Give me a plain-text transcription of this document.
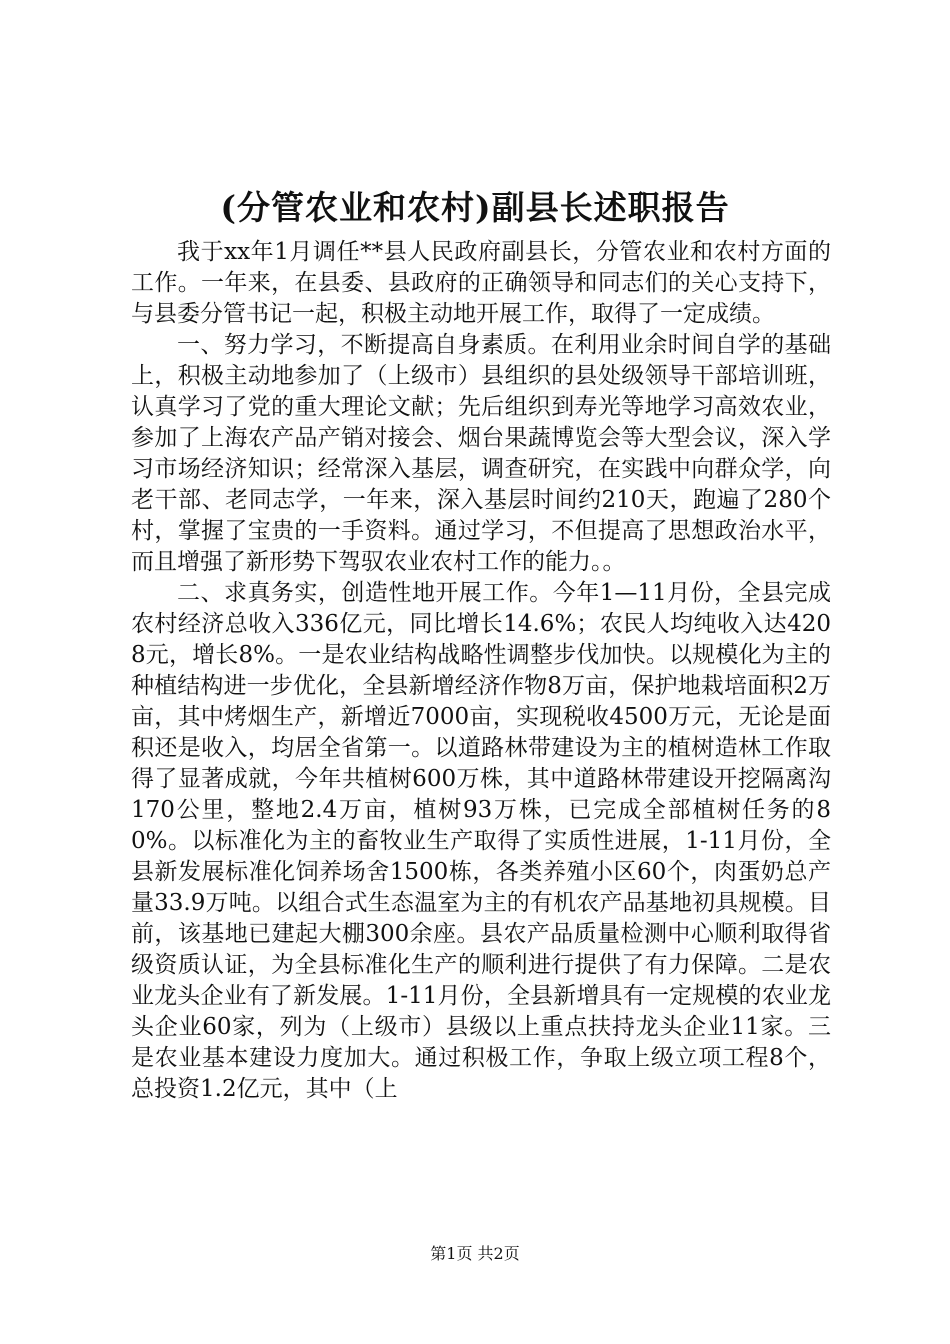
(分管农业和农村)副县长述职报告

我于xx年1月调任**县人民政府副县长，分管农业和农村方面的工作。一年来，在县委、县政府的正确领导和同志们的关心支持下，与县委分管书记一起，积极主动地开展工作，取得了一定成绩。

一、努力学习，不断提高自身素质。在利用业余时间自学的基础上，积极主动地参加了（上级市）县组织的县处级领导干部培训班，认真学习了党的重大理论文献；先后组织到寿光等地学习高效农业，参加了上海农产品产销对接会、烟台果蔬博览会等大型会议，深入学习市场经济知识；经常深入基层，调查研究，在实践中向群众学，向老干部、老同志学，一年来，深入基层时间约210天，跑遍了280个村，掌握了宝贵的一手资料。通过学习，不但提高了思想政治水平，而且增强了新形势下驾驭农业农村工作的能力。。

二、求真务实，创造性地开展工作。今年1—11月份，全县完成农村经济总收入336亿元，同比增长14.6%；农民人均纯收入达4208元，增长8%。一是农业结构战略性调整步伐加快。以规模化为主的种植结构进一步优化，全县新增经济作物8万亩，保护地栽培面积2万亩，其中烤烟生产，新增近7000亩，实现税收4500万元，无论是面积还是收入，均居全省第一。以道路林带建设为主的植树造林工作取得了显著成就，今年共植树600万株，其中道路林带建设开挖隔离沟170公里，整地2.4万亩，植树93万株，已完成全部植树任务的80%。以标准化为主的畜牧业生产取得了实质性进展，1-11月份，全县新发展标准化饲养场舍1500栋，各类养殖小区60个，肉蛋奶总产量33.9万吨。以组合式生态温室为主的有机农产品基地初具规模。目前，该基地已建起大棚300余座。县农产品质量检测中心顺利取得省级资质认证，为全县标准化生产的顺利进行提供了有力保障。二是农业龙头企业有了新发展。1-11月份，全县新增具有一定规模的农业龙头企业60家，列为（上级市）县级以上重点扶持龙头企业11家。三是农业基本建设力度加大。通过积极工作，争取上级立项工程8个，总投资1.2亿元，其中（上

第1页 共2页
